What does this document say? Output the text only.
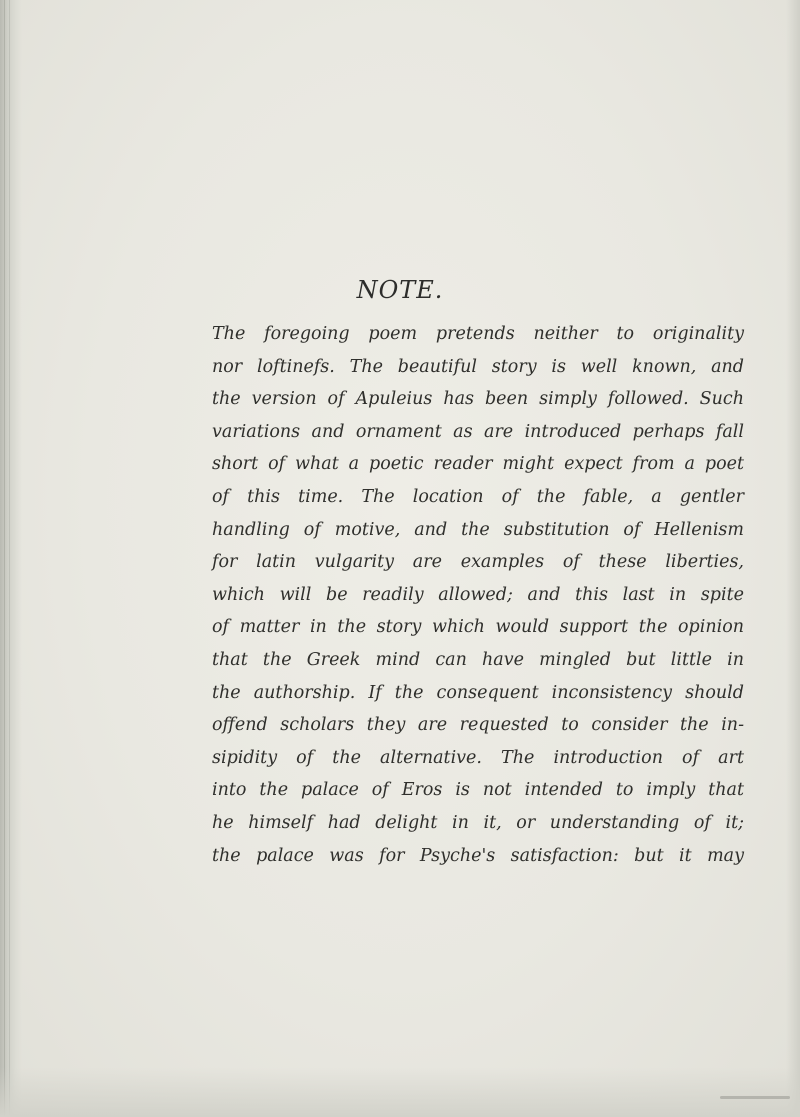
NOTE.
The foregoing poem pretends neither to originality
nor loftinefs. The beautiful story is well known, and
the version of Apuleius has been simply followed. Such
variations and ornament as are introduced perhaps fall
short of what a poetic reader might expect from a poet
of this time. The location of the fable, a gentler
handling of motive, and the substitution of Hellenism
for latin vulgarity are examples of these liberties,
which will be readily allowed; and this last in spite
of matter in the story which would support the opinion
that the Greek mind can have mingled but little in
the authorship. If the consequent inconsistency should
offend scholars they are requested to consider the in-
sipidity of the alternative. The introduction of art
into the palace of Eros is not intended to imply that
he himself had delight in it, or understanding of it;
the palace was for Psyche's satisfaction: but it may
